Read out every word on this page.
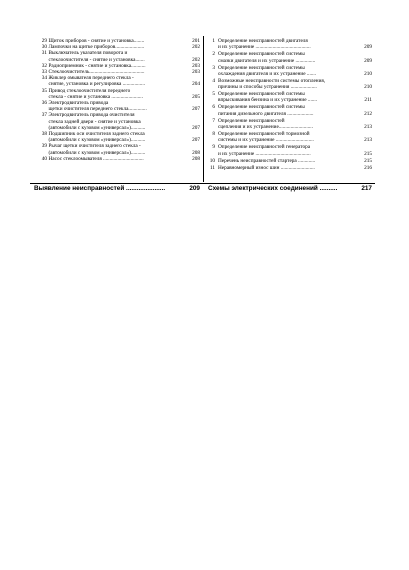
29 Щиток приборов - снятие и установка........	201
30 Лампочки на щитке приборов......................	202
31 Выключатель указателя поворота и
стеклоочистителя - снятие и установка.......	202
32 Радиоприемник - снятие и установка...........	203
33 Стеклоочиститель..........................................	203
34 Жиклер омывателя переднего стекла -
снятие, установка и регулировка .................	204
35 Привод стеклоочистителя переднего
стекла - снятие и установка ........................	205
36 Электродвигатель привода
щетки очистителя переднего стекла..............	207
37 Электродвигатель привода очистителя
стекла задней двери - снятие и установка
(автомобили с кузовом «универсал»)...........	207
38 Подшипник оси очистителя заднего стекла
(автомобили с кузовом «универсал»)...........	207
39 Рычаг щетки очистителя заднего стекла -
(автомобили с кузовом «универсал»)...........	208
40 Насос стеклоомывателя ...............................	208
1 Определение неисправностей двигателя
и их устранение ..........................................	209
2 Определение неисправностей системы
смазки двигателя и их устранение ...............	209
3 Определение неисправностей системы
охлаждения двигателя и их устранение .......	210
4 Возможные неисправности системы отопления,
причины и способы устранения ....................	210
5 Определение неисправностей системы
впрыскивания бензина и их устранение .......	211
6 Определение неисправностей системы
питания дизельного двигателя ....................	212
7 Определение неисправностей
сцепления и их устранение..........................	213
8 Определение неисправностей тормозной
системы и их устранение .............................	213
9 Определение неисправностей генератора
и их устранение ..........................................	215
10 Перечень неисправностей стартера .............	215
11 Неравномерный износ шин ..........................	216
Выявление неисправностей ......................	209 Схемы электрических соединений ..........	217
